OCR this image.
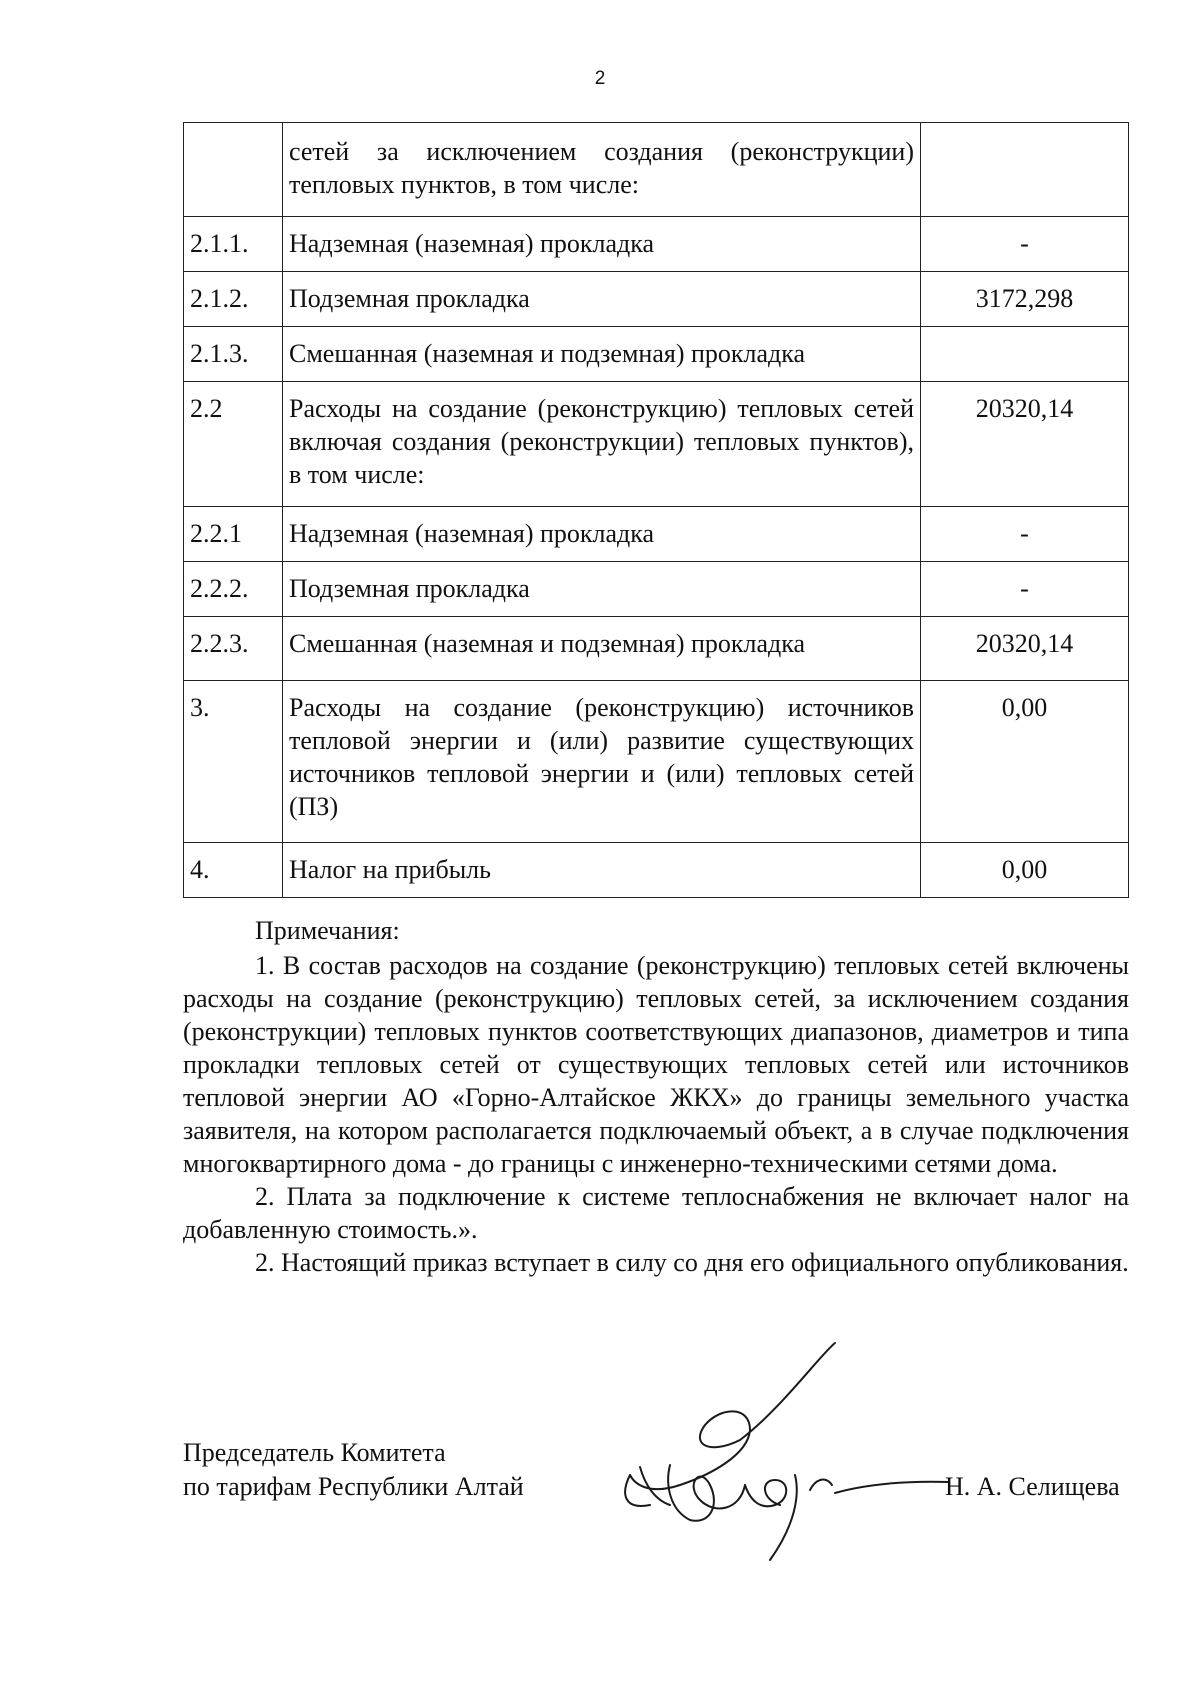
2
	сетей за исключением создания (реконструкции) тепловых пунктов, в том числе:	
2.1.1.	Надземная (наземная) прокладка	-
2.1.2.	Подземная прокладка	3172,298
2.1.3.	Смешанная (наземная и подземная) прокладка	
2.2	Расходы на создание (реконструкцию) тепловых сетей включая создания (реконструкции) тепловых пунктов), в том числе:	20320,14
2.2.1	Надземная (наземная) прокладка	-
2.2.2.	Подземная прокладка	-
2.2.3.	Смешанная (наземная и подземная) прокладка	20320,14
3.	Расходы на создание (реконструкцию) источников тепловой энергии и (или) развитие существующих источников тепловой энергии и (или) тепловых сетей (ПЗ)	0,00
4.	Налог на прибыль	0,00

Примечания:

1. В состав расходов на создание (реконструкцию) тепловых сетей включены расходы на создание (реконструкцию) тепловых сетей, за исключением создания (реконструкции) тепловых пунктов соответствующих диапазонов, диаметров и типа прокладки тепловых сетей от существующих тепловых сетей или источников тепловой энергии АО «Горно-Алтайское ЖКХ» до границы земельного участка заявителя, на котором располагается подключаемый объект, а в случае подключения многоквартирного дома - до границы с инженерно-техническими сетями дома.

2. Плата за подключение к системе теплоснабжения не включает налог на добавленную стоимость.».

2. Настоящий приказ вступает в силу со дня его официального опубликования.

Председатель Комитета
по тарифам Республики Алтай	Н. А. Селищева
